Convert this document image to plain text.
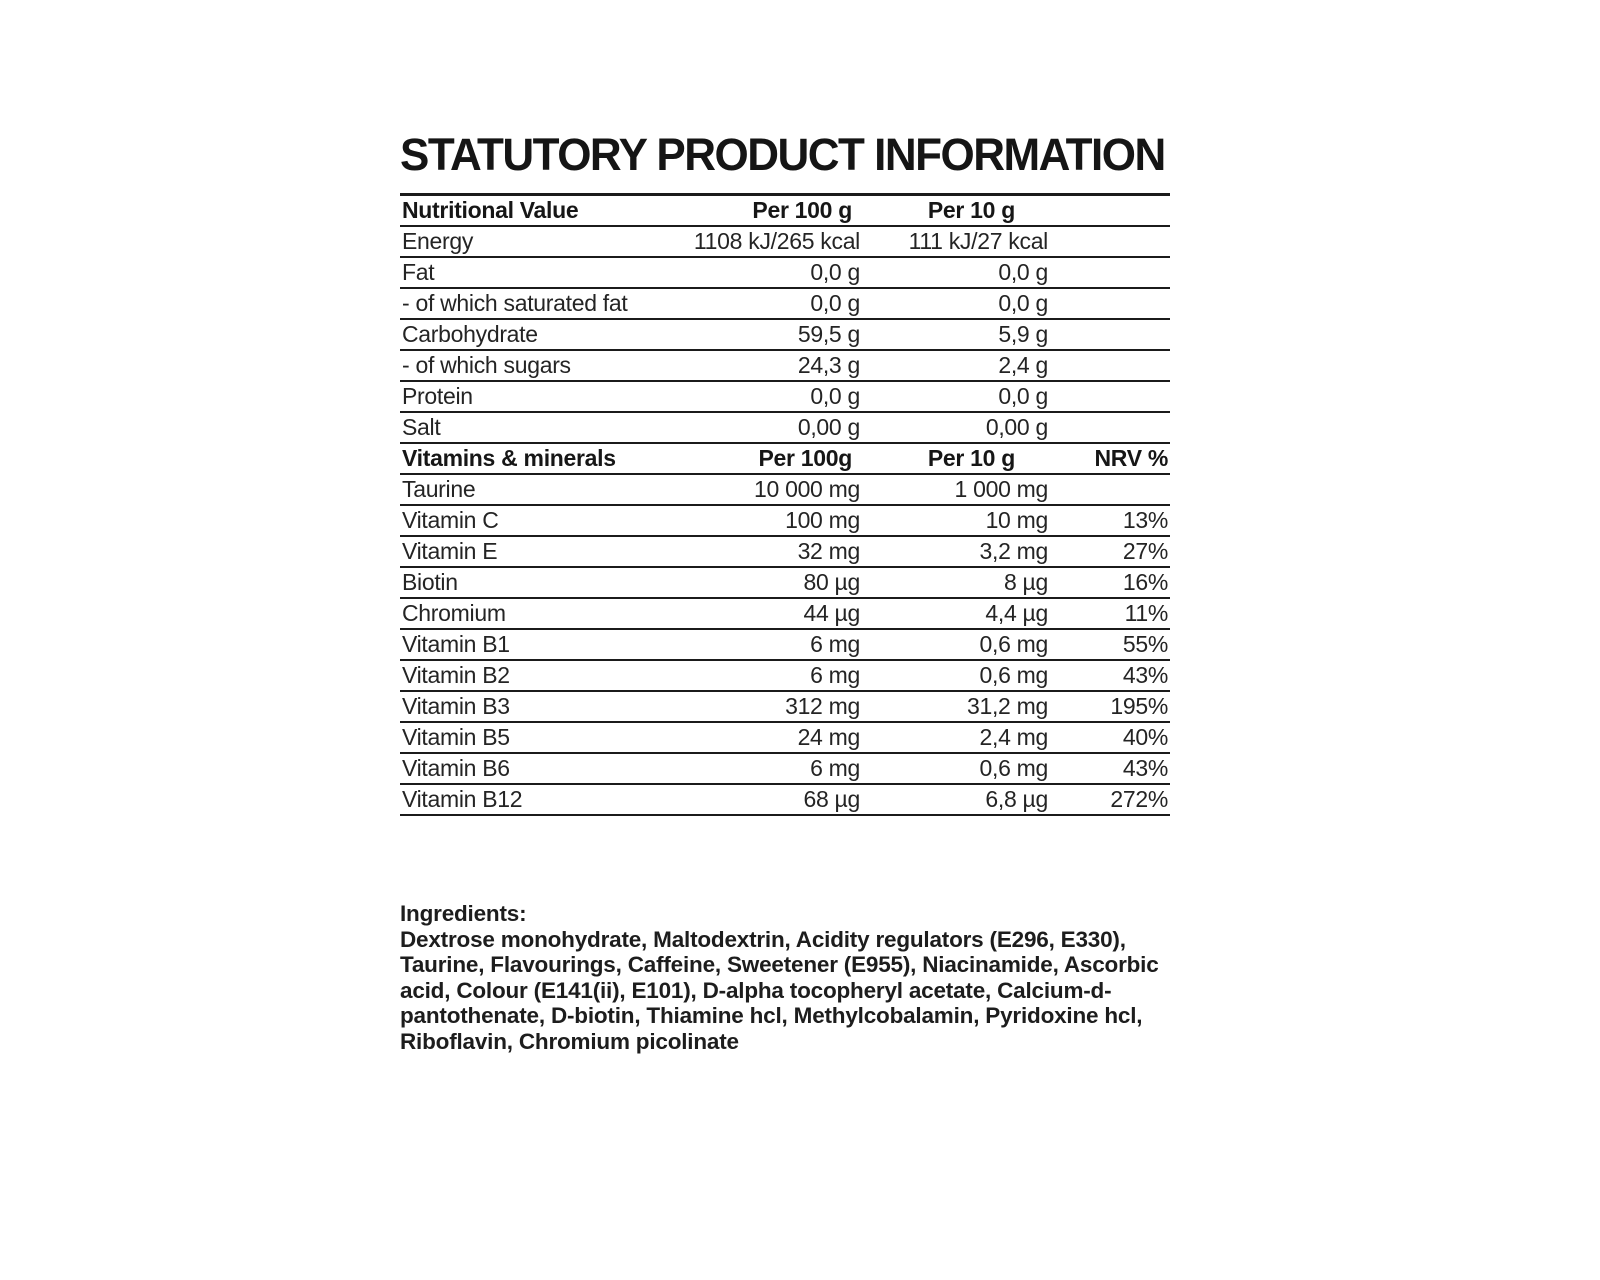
STATUTORY PRODUCT INFORMATION
Nutritional Value	Per 100 g	Per 10 g
Energy	1108 kJ/265 kcal 111 kJ/27 kcal
Fat	0,0 g	0,0 g
- of which saturated fat	0,0 g	0,0 g
Carbohydrate	59,5 g	5,9 g
- of which sugars	24,3 g	2,4 g
Protein	0,0 g	0,0 g
Salt	0,00 g	0,00 g
Vitamins & minerals	Per 100g	Per 10 g	NRV %
Taurine	10 000 mg	1 000 mg
Vitamin C	100 mg	10 mg	13%
Vitamin E	32 mg	3,2 mg	27%
Biotin	80 µg	8 µg	16%
Chromium	44 µg	4,4 µg	11%
Vitamin B1	6 mg	0,6 mg	55%
Vitamin B2	6 mg	0,6 mg	43%
Vitamin B3	312 mg	31,2 mg	195%
Vitamin B5	24 mg	2,4 mg	40%
Vitamin B6	6 mg	0,6 mg	43%
Vitamin B12	68 µg	6,8 µg	272%
Ingredients:
Dextrose monohydrate, Maltodextrin, Acidity regulators (E296, E330), Taurine, Flavourings, Caffeine, Sweetener (E955), Niacinamide, Ascorbic acid, Colour (E141(ii), E101), D-alpha tocopheryl acetate, Calcium-d-pantothenate, D-biotin, Thiamine hcl, Methylcobalamin, Pyridoxine hcl, Riboflavin, Chromium picolinate
